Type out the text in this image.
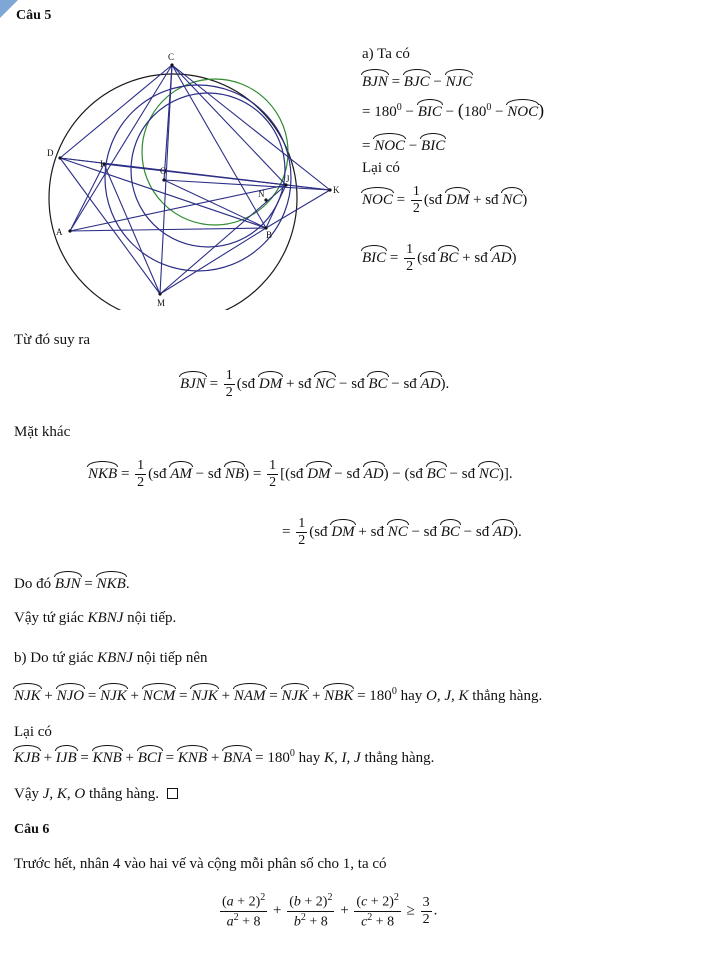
Câu 5
C
D
A
M
O
I
N
J
K
B
a) Ta có
BJN = BJC − NJC
= $180^0$ − BIC − $(180^0 - NOC)$
= NOC − BIC
Lại có
NOC = $\frac{1}{2}$ (sđ DM + sđ NC)
BIC = $\frac{1}{2}$ (sđ BC + sđ AD)
Từ đó suy ra
BJN = $\frac{1}{2}$ (sđ DM + sđ NC − sđ BC − sđ AD).
Mặt khác
NKB = $\frac{1}{2}$ (sđ AM − sđ $NB) = \frac{1}{2}$ [(sđ DM − sđ AD) − (sđ BC − sđ NC)].
= $\frac{1}{2}$ (sđ DM + sđ NC − sđ BC − sđ AD).
Do đó BJN = NKB.
Vậy tứ giác KBNJ nội tiếp.
b) Do tứ giác KBNJ nội tiếp nên
NJK + NJO = NJK + NCM = NJK + NAM = NJK + NBK = $180^0$ hay O, J, K thẳng hàng.
Lại có
KJB + IJB = KNB + BCI = KNB + BNA = $180^0$ hay K, I, J thẳng hàng.
Vậy J, K, O thẳng hàng.
Câu 6
Trước hết, nhân 4 vào hai vế và cộng mỗi phân số cho 1, ta có
$\frac{(a + 2)^2}{a^2 + 8} + \frac{(b + 2)^2}{b^2 + 8} + \frac{(c + 2)^2}{c^2 + 8} \ge \frac{3}{2}$ .
